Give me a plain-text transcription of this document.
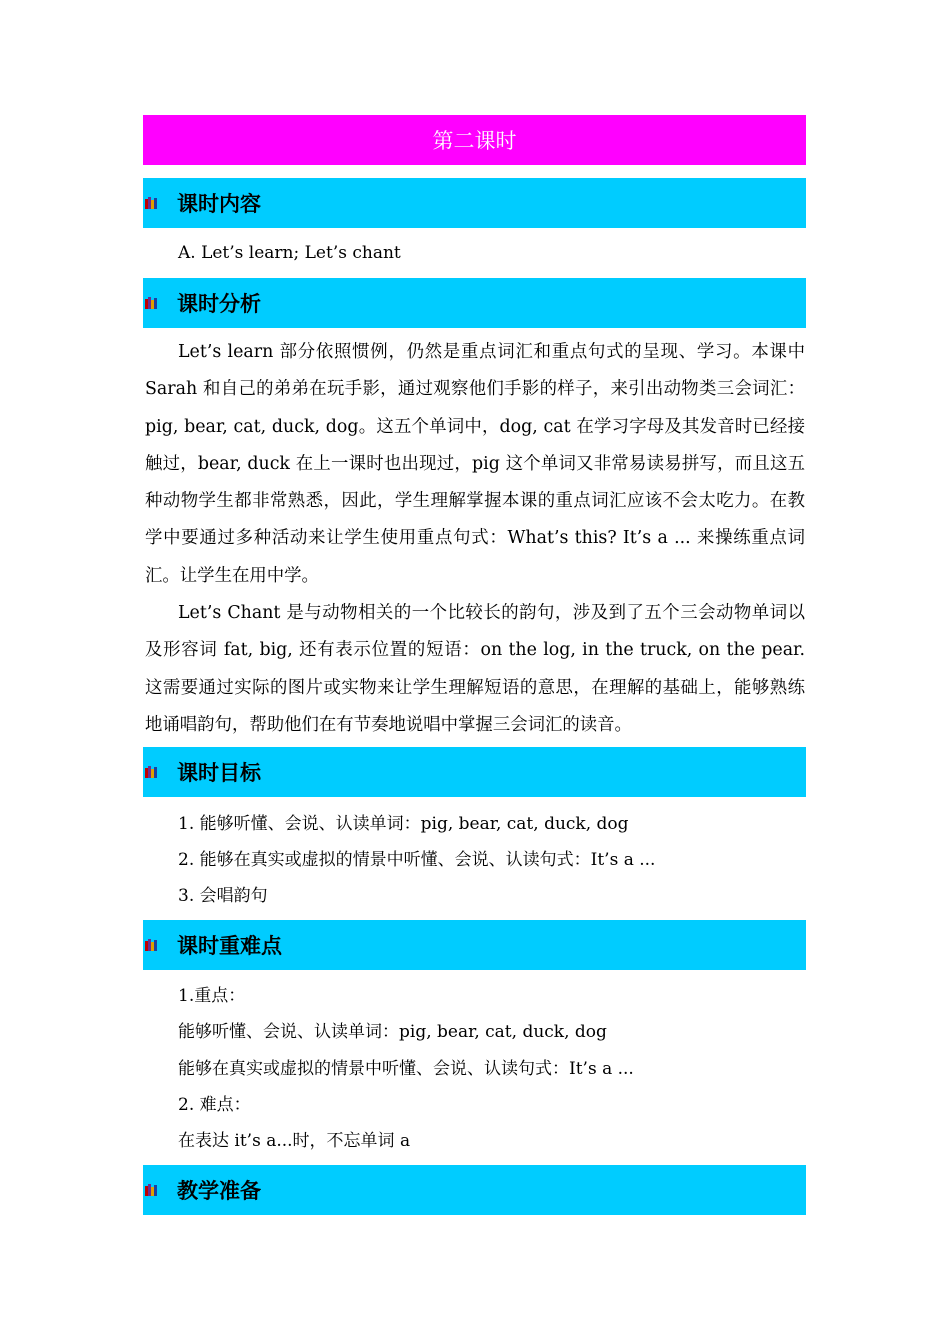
第二课时
课时内容
A. Let’s learn; Let’s chant
课时分析

Let’s learn 部分依照惯例，仍然是重点词汇和重点句式的呈现、学习。本课中 Sarah 和自己的弟弟在玩手影，通过观察他们手影的样子，来引出动物类三会词汇：pig, bear, cat, duck, dog。这五个单词中，dog, cat 在学习字母及其发音时已经接触过，bear, duck 在上一课时也出现过，pig 这个单词又非常易读易拼写，而且这五种动物学生都非常熟悉，因此，学生理解掌握本课的重点词汇应该不会太吃力。在教学中要通过多种活动来让学生使用重点句式：What’s this? It’s a ... 来操练重点词汇。让学生在用中学。

Let’s Chant 是与动物相关的一个比较长的韵句，涉及到了五个三会动物单词以及形容词 fat, big, 还有表示位置的短语：on the log, in the truck, on the pear. 这需要通过实际的图片或实物来让学生理解短语的意思，在理解的基础上，能够熟练地诵唱韵句，帮助他们在有节奏地说唱中掌握三会词汇的读音。

课时目标
1. 能够听懂、会说、认读单词：pig, bear, cat, duck, dog
2. 能够在真实或虚拟的情景中听懂、会说、认读句式：It’s a ...
3. 会唱韵句
课时重难点
1.重点：
能够听懂、会说、认读单词：pig, bear, cat, duck, dog
能够在真实或虚拟的情景中听懂、会说、认读句式：It’s a ...
2. 难点：
在表达 it’s a...时，不忘单词 a
教学准备
